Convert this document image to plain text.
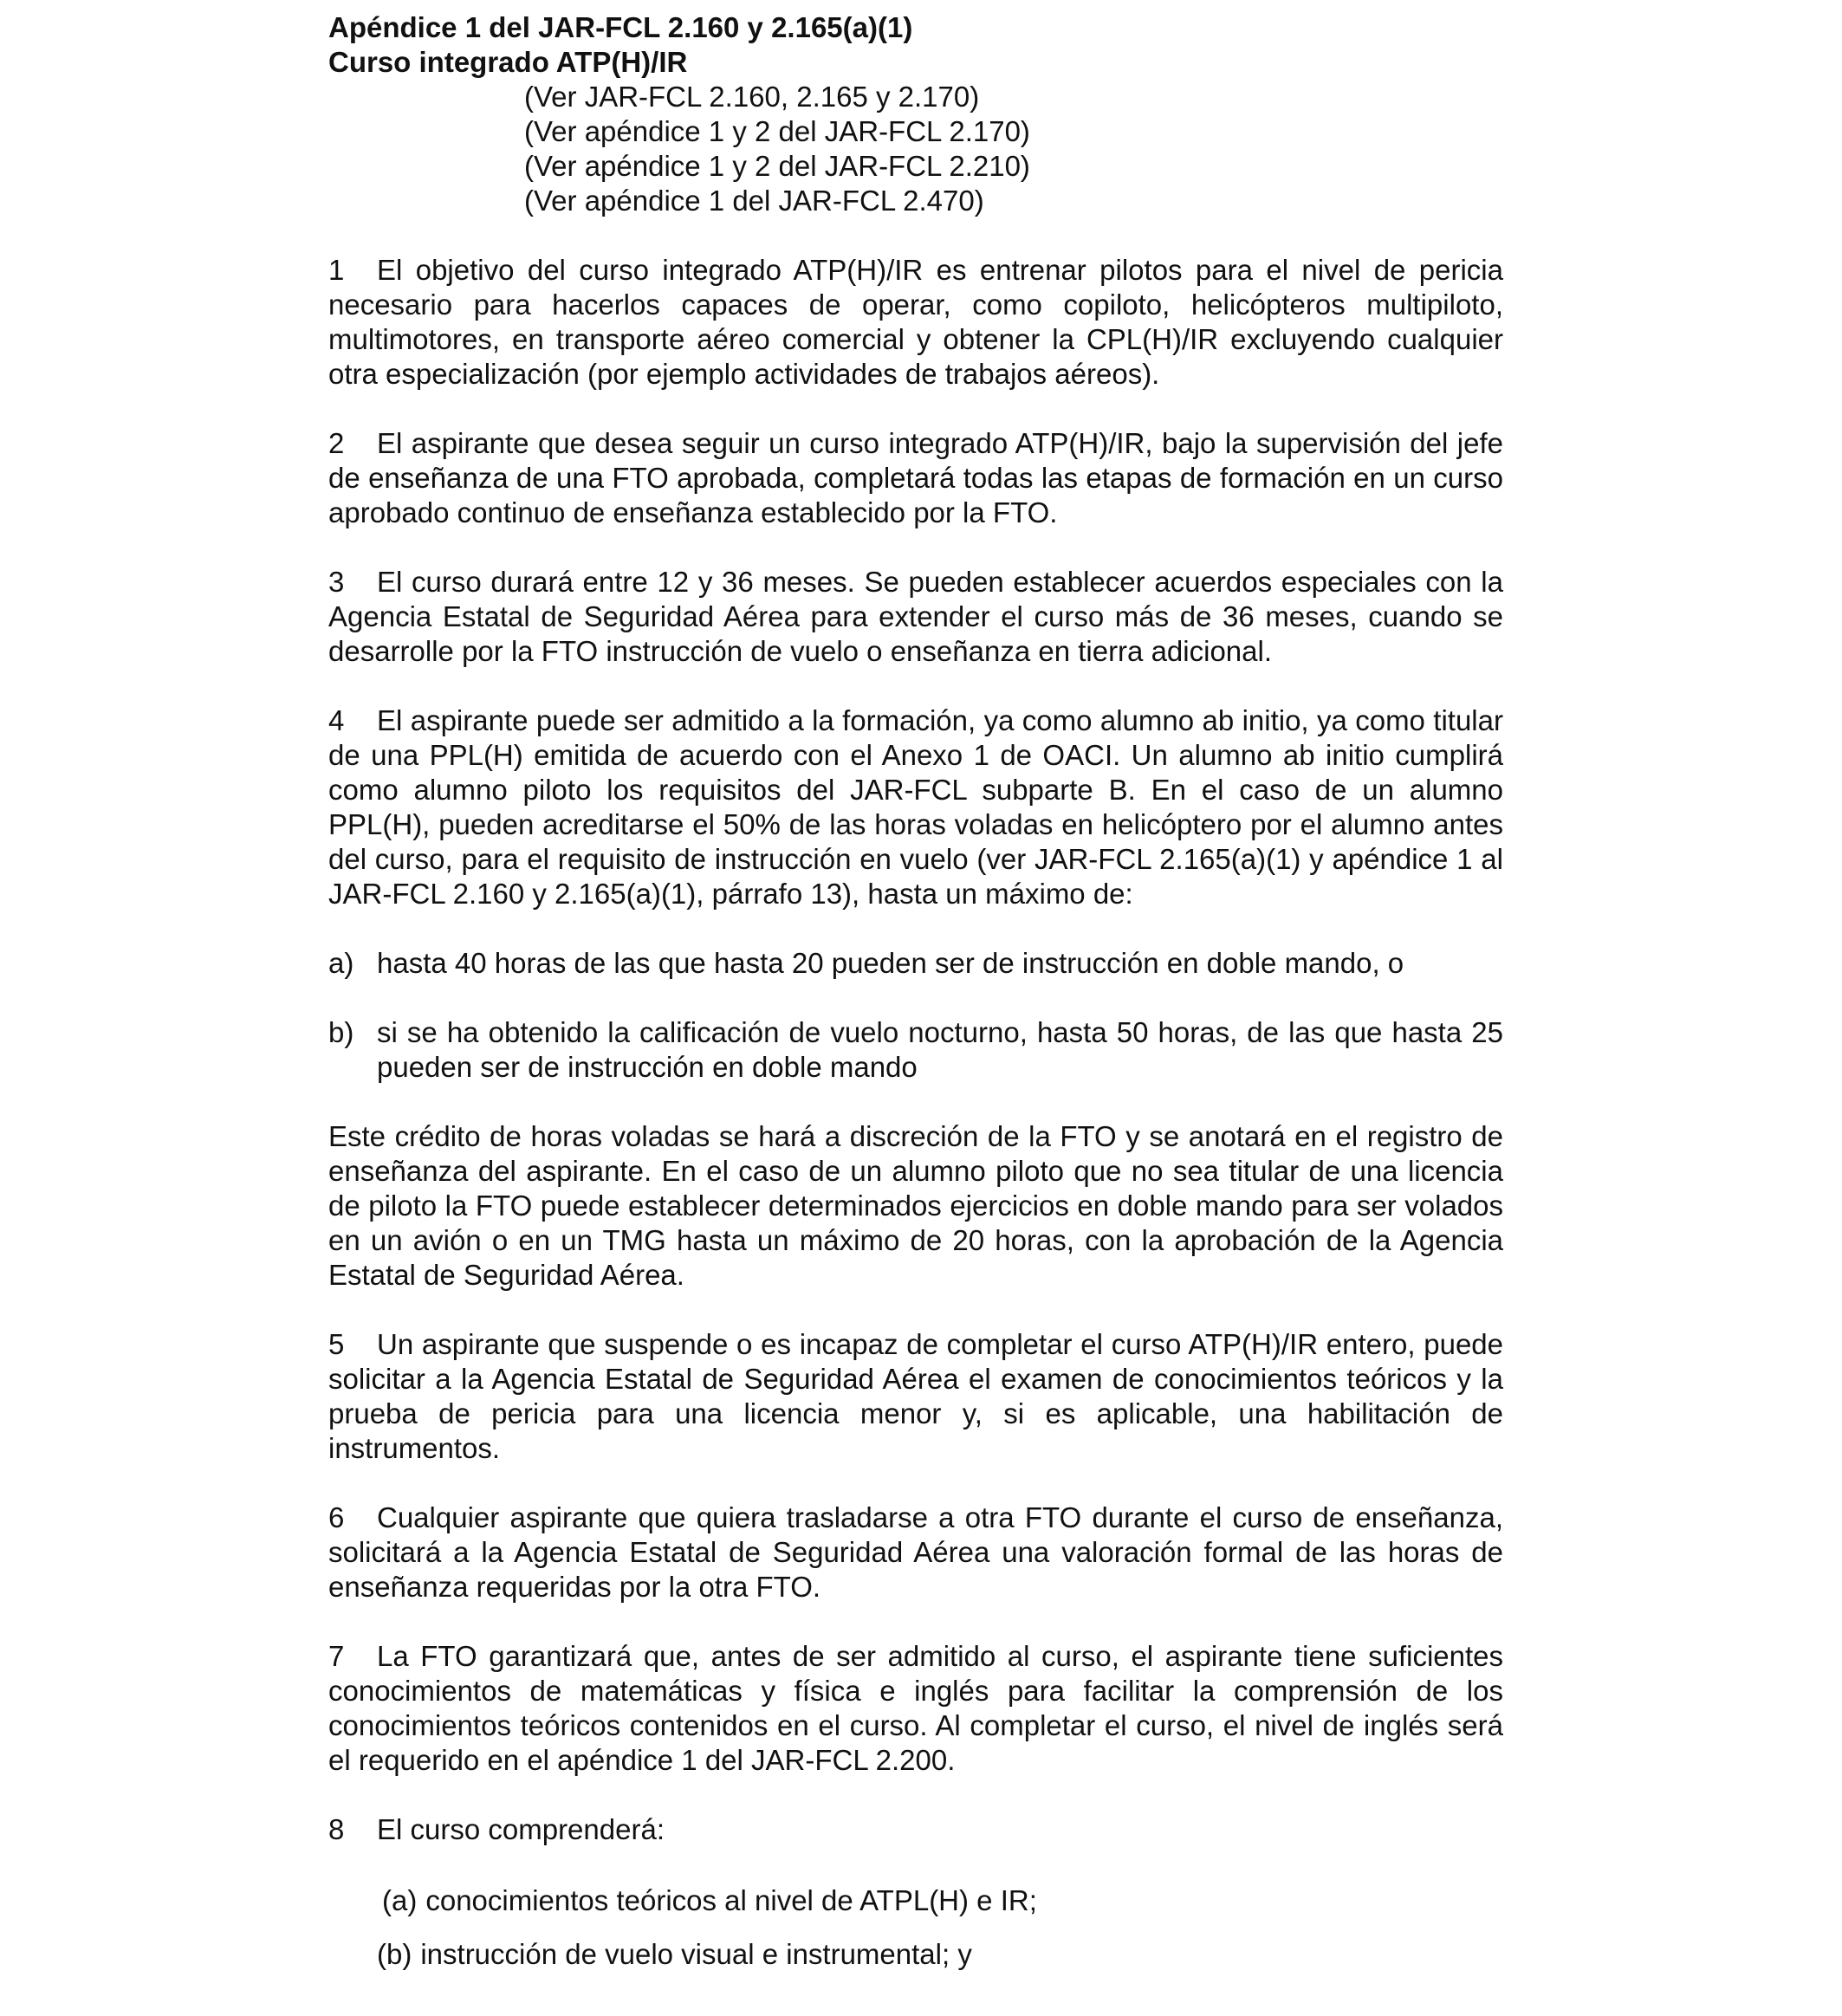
Apéndice 1 del JAR-FCL 2.160 y 2.165(a)(1)
Curso integrado ATP(H)/IR
(Ver JAR-FCL 2.160, 2.165 y 2.170)
(Ver apéndice 1 y 2 del JAR-FCL 2.170)
(Ver apéndice 1 y 2 del JAR-FCL 2.210)
(Ver apéndice 1 del JAR-FCL 2.470)

1 El objetivo del curso integrado ATP(H)/IR es entrenar pilotos para el nivel de pericia necesario para hacerlos capaces de operar, como copiloto, helicópteros multipiloto, multimotores, en transporte aéreo comercial y obtener la CPL(H)/IR excluyendo cualquier otra especialización (por ejemplo actividades de trabajos aéreos).

2 El aspirante que desea seguir un curso integrado ATP(H)/IR, bajo la supervisión del jefe de enseñanza de una FTO aprobada, completará todas las etapas de formación en un curso aprobado continuo de enseñanza establecido por la FTO.

3 El curso durará entre 12 y 36 meses. Se pueden establecer acuerdos especiales con la Agencia Estatal de Seguridad Aérea para extender el curso más de 36 meses, cuando se desarrolle por la FTO instrucción de vuelo o enseñanza en tierra adicional.

4 El aspirante puede ser admitido a la formación, ya como alumno ab initio, ya como titular de una PPL(H) emitida de acuerdo con el Anexo 1 de OACI. Un alumno ab initio cumplirá como alumno piloto los requisitos del JAR-FCL subparte B. En el caso de un alumno PPL(H), pueden acreditarse el 50% de las horas voladas en helicóptero por el alumno antes del curso, para el requisito de instrucción en vuelo (ver JAR-FCL 2.165(a)(1) y apéndice 1 al JAR-FCL 2.160 y 2.165(a)(1), párrafo 13), hasta un máximo de:

a) hasta 40 horas de las que hasta 20 pueden ser de instrucción en doble mando, o
b) si se ha obtenido la calificación de vuelo nocturno, hasta 50 horas, de las que hasta 25 pueden ser de instrucción en doble mando

Este crédito de horas voladas se hará a discreción de la FTO y se anotará en el registro de enseñanza del aspirante. En el caso de un alumno piloto que no sea titular de una licencia de piloto la FTO puede establecer determinados ejercicios en doble mando para ser volados en un avión o en un TMG hasta un máximo de 20 horas, con la aprobación de la Agencia Estatal de Seguridad Aérea.

5 Un aspirante que suspende o es incapaz de completar el curso ATP(H)/IR entero, puede solicitar a la Agencia Estatal de Seguridad Aérea el examen de conocimientos teóricos y la prueba de pericia para una licencia menor y, si es aplicable, una habilitación de instrumentos.

6 Cualquier aspirante que quiera trasladarse a otra FTO durante el curso de enseñanza, solicitará a la Agencia Estatal de Seguridad Aérea una valoración formal de las horas de enseñanza requeridas por la otra FTO.

7 La FTO garantizará que, antes de ser admitido al curso, el aspirante tiene suficientes conocimientos de matemáticas y física e inglés para facilitar la comprensión de los conocimientos teóricos contenidos en el curso. Al completar el curso, el nivel de inglés será el requerido en el apéndice 1 del JAR-FCL 2.200.

8 El curso comprenderá:

(a) conocimientos teóricos al nivel de ATPL(H) e IR;
(b) instrucción de vuelo visual e instrumental; y
